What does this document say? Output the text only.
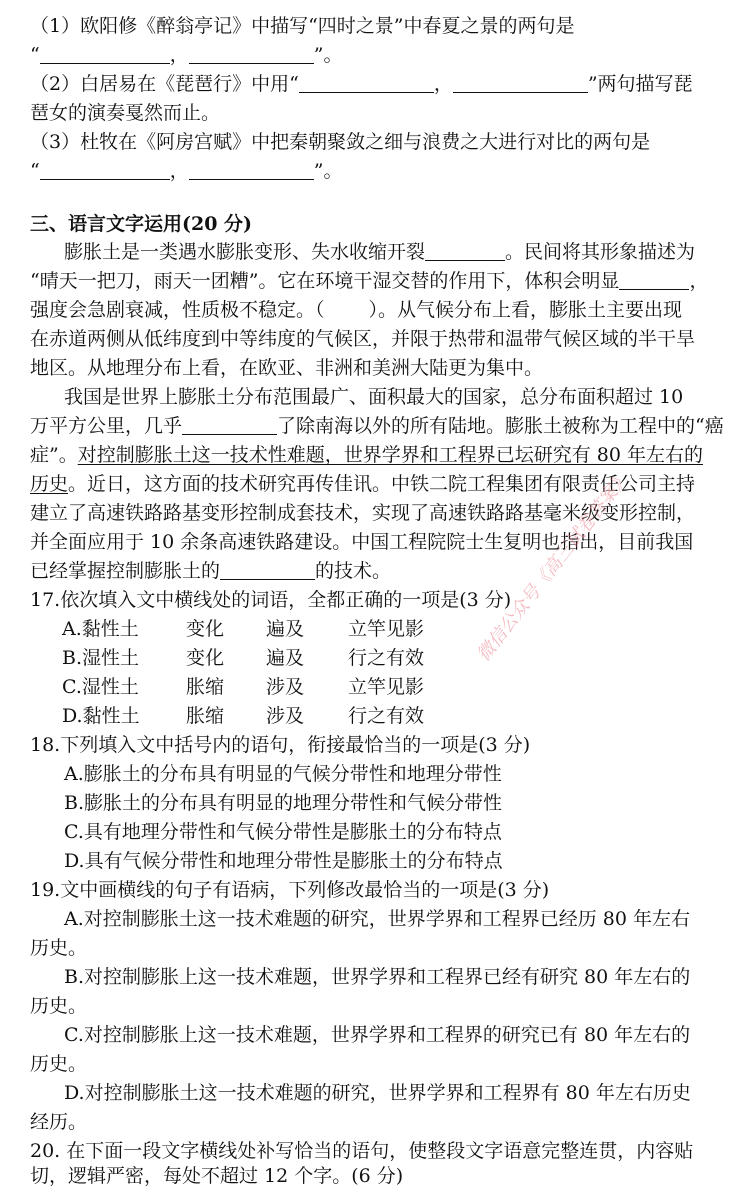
（1）欧阳修《醉翁亭记》中描写“四时之景”中春夏之景的两句是
“	，	”。
（2）白居易在《琵琶行》中用“	，	”两句描写琵
琶女的演奏戛然而止。
（3）杜牧在《阿房宫赋》中把秦朝聚敛之细与浪费之大进行对比的两句是
“	，	”。
三、语言文字运用(20 分)
膨胀土是一类遇水膨胀变形、失水收缩开裂	。民间将其形象描述为
“晴天一把刀，雨天一团糟”。它在环境干湿交替的作用下，体积会明显	，
强度会急剧衰减，性质极不稳定。（ ）。从气候分布上看，膨胀土主要出现
在赤道两侧从低纬度到中等纬度的气候区，并限于热带和温带气候区域的半干旱
地区。从地理分布上看，在欧亚、非洲和美洲大陆更为集中。
我国是世界上膨胀土分布范围最广、面积最大的国家，总分布面积超过 10
万平方公里，几乎	了除南海以外的所有陆地。膨胀土被称为工程中的“癌
症”。对控制膨胀土这一技术性难题，世界学界和工程界已坛研究有 80 年左右的
历史。近日，这方面的技术研究再传佳讯。中铁二院工程集团有限责任公司主持
建立了高速铁路路基变形控制成套技术，实现了高速铁路路基毫米级变形控制，
并全面应用于 10 余条高速铁路建设。中国工程院院士生复明也指出，目前我国
已经掌握控制膨胀土的	的技术。
17.依次填入文中横线处的词语，全都正确的一项是(3 分)
A.黏性土 变化 遍及 立竿见影
B.湿性土 变化 遍及 行之有效
C.湿性土 胀缩 涉及 立竿见影
D.黏性土 胀缩 涉及 行之有效
18.下列填入文中括号内的语句，衔接最恰当的一项是(3 分)
A.膨胀土的分布具有明显的气候分带性和地理分带性
B.膨胀土的分布具有明显的地理分带性和气候分带性
C.具有地理分带性和气候分带性是膨胀土的分布特点
D.具有气候分带性和地理分带性是膨胀土的分布特点
19.文中画横线的句子有语病，下列修改最恰当的一项是(3 分)
A.对控制膨胀土这一技术难题的研究，世界学界和工程界已经历 80 年左右
历史。
B.对控制膨胀上这一技术难题，世界学界和工程界已经有研究 80 年左右的
历史。
C.对控制膨胀上这一技术难题，世界学界和工程界的研究已有 80 年左右的
历史。
D.对控制膨胀土这一技术难题的研究，世界学界和工程界有 80 年左右历史
经历。
20. 在下面一段文字横线处补写恰当的语句，使整段文字语意完整连贯，内容贴
切，逻辑严密，每处不超过 12 个字。(6 分)
微信公众号《高三试卷答案》
